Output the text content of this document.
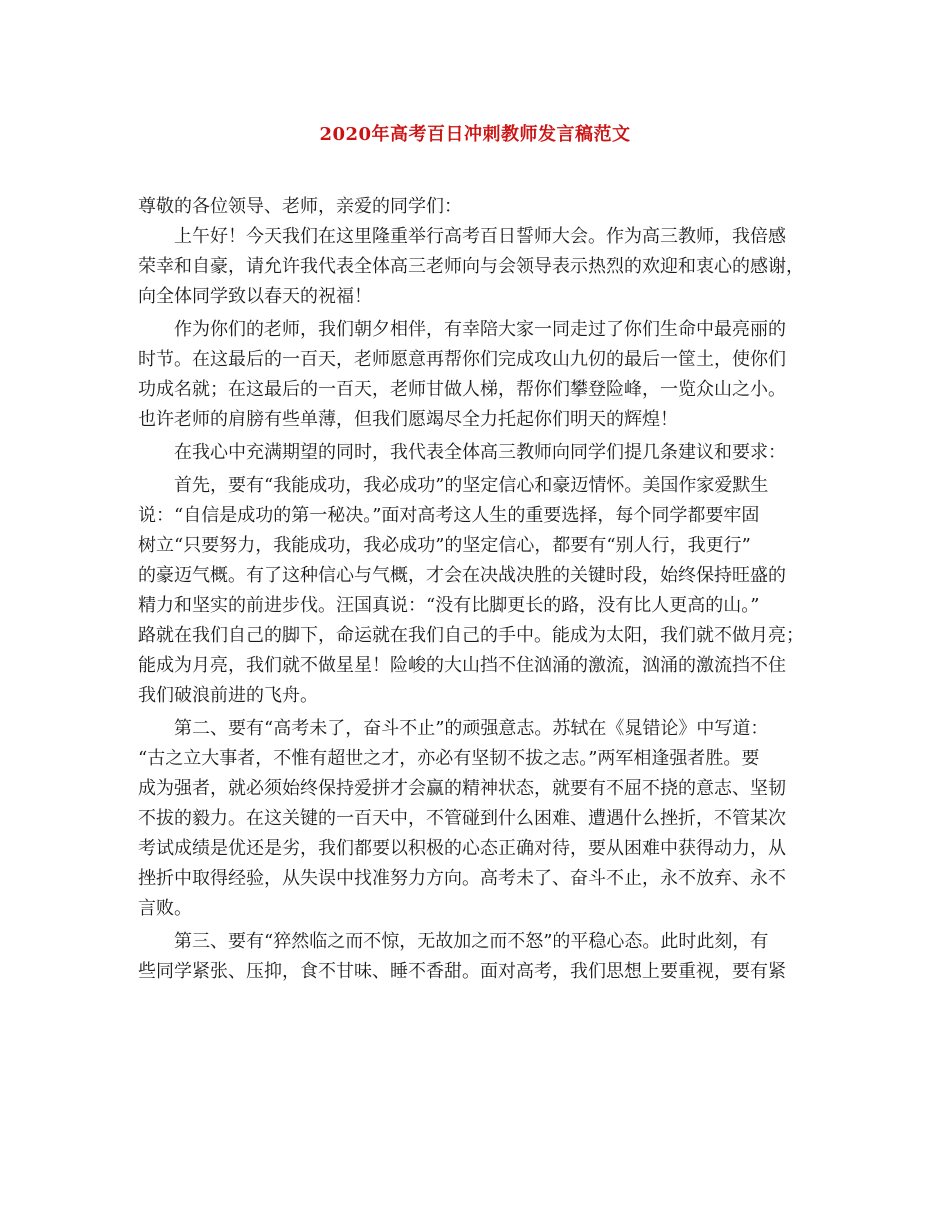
2020年高考百日冲刺教师发言稿范文
尊敬的各位领导、老师，亲爱的同学们：
上午好！今天我们在这里隆重举行高考百日誓师大会。作为高三教师，我倍感
荣幸和自豪，请允许我代表全体高三老师向与会领导表示热烈的欢迎和衷心的感谢，
向全体同学致以春天的祝福！
作为你们的老师，我们朝夕相伴，有幸陪大家一同走过了你们生命中最亮丽的
时节。在这最后的一百天，老师愿意再帮你们完成攻山九仞的最后一筐土，使你们
功成名就；在这最后的一百天，老师甘做人梯，帮你们攀登险峰，一览众山之小。
也许老师的肩膀有些单薄，但我们愿竭尽全力托起你们明天的辉煌！
在我心中充满期望的同时，我代表全体高三教师向同学们提几条建议和要求：
首先，要有“我能成功，我必成功”的坚定信心和豪迈情怀。美国作家爱默生
说：“自信是成功的第一秘决。”面对高考这人生的重要选择，每个同学都要牢固
树立“只要努力，我能成功，我必成功”的坚定信心，都要有“别人行，我更行”
的豪迈气概。有了这种信心与气概，才会在决战决胜的关键时段，始终保持旺盛的
精力和坚实的前进步伐。汪国真说：“没有比脚更长的路，没有比人更高的山。”
路就在我们自己的脚下，命运就在我们自己的手中。能成为太阳，我们就不做月亮；
能成为月亮，我们就不做星星！险峻的大山挡不住汹涌的激流，汹涌的激流挡不住
我们破浪前进的飞舟。
第二、要有“高考未了，奋斗不止”的顽强意志。苏轼在《晁错论》中写道：
“古之立大事者，不惟有超世之才，亦必有坚韧不拔之志。”两军相逢强者胜。要
成为强者，就必须始终保持爱拼才会赢的精神状态，就要有不屈不挠的意志、坚韧
不拔的毅力。在这关键的一百天中，不管碰到什么困难、遭遇什么挫折，不管某次
考试成绩是优还是劣，我们都要以积极的心态正确对待，要从困难中获得动力，从
挫折中取得经验，从失误中找准努力方向。高考未了、奋斗不止，永不放弃、永不
言败。
第三、要有“猝然临之而不惊，无故加之而不怒”的平稳心态。此时此刻，有
些同学紧张、压抑，食不甘味、睡不香甜。面对高考，我们思想上要重视，要有紧
